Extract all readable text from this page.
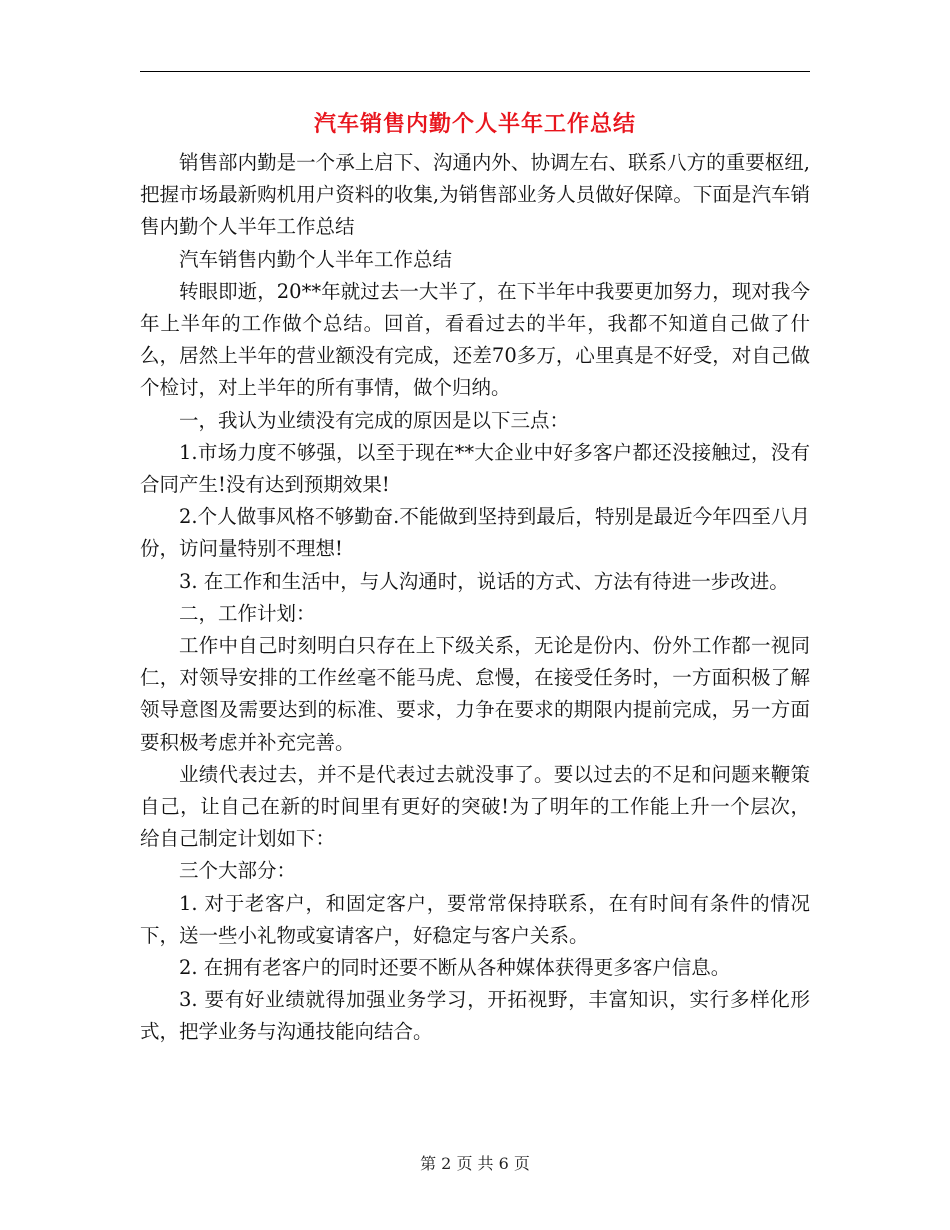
汽车销售内勤个人半年工作总结

销售部内勤是一个承上启下、沟通内外、协调左右、联系八方的重要枢纽,把握市场最新购机用户资料的收集,为销售部业务人员做好保障。下面是汽车销售内勤个人半年工作总结

汽车销售内勤个人半年工作总结

转眼即逝，20**年就过去一大半了，在下半年中我要更加努力，现对我今年上半年的工作做个总结。回首，看看过去的半年，我都不知道自己做了什么，居然上半年的营业额没有完成，还差70多万，心里真是不好受，对自己做个检讨，对上半年的所有事情，做个归纳。

一，我认为业绩没有完成的原因是以下三点：

1.市场力度不够强，以至于现在**大企业中好多客户都还没接触过，没有合同产生!没有达到预期效果!

2.个人做事风格不够勤奋.不能做到坚持到最后，特别是最近今年四至八月份，访问量特别不理想!

3. 在工作和生活中，与人沟通时，说话的方式、方法有待进一步改进。

二，工作计划：

工作中自己时刻明白只存在上下级关系，无论是份内、份外工作都一视同仁，对领导安排的工作丝毫不能马虎、怠慢，在接受任务时，一方面积极了解领导意图及需要达到的标准、要求，力争在要求的期限内提前完成，另一方面要积极考虑并补充完善。

业绩代表过去，并不是代表过去就没事了。要以过去的不足和问题来鞭策自己，让自己在新的时间里有更好的突破!为了明年的工作能上升一个层次，给自己制定计划如下：

三个大部分：

1. 对于老客户，和固定客户，要常常保持联系，在有时间有条件的情况下，送一些小礼物或宴请客户，好稳定与客户关系。

2. 在拥有老客户的同时还要不断从各种媒体获得更多客户信息。

3. 要有好业绩就得加强业务学习，开拓视野，丰富知识，实行多样化形式，把学业务与沟通技能向结合。

第 2 页 共 6 页
